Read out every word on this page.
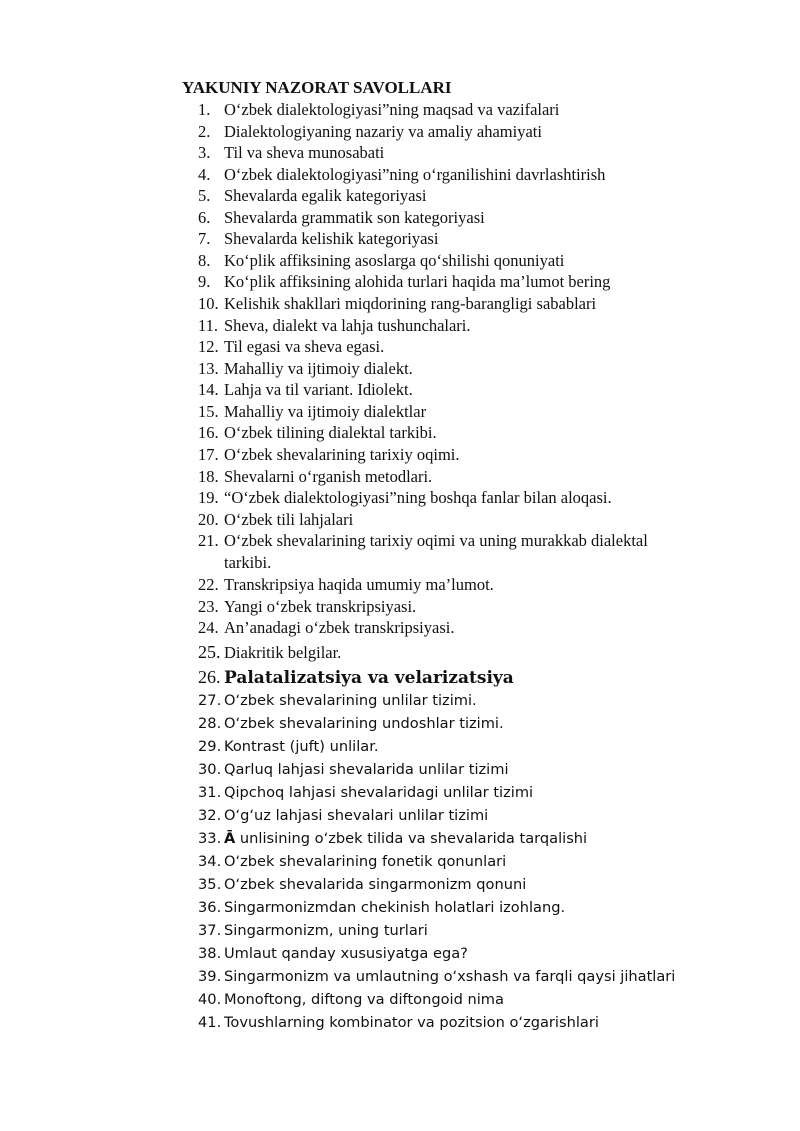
YAKUNIY NAZORAT SAVOLLARI
1. O‘zbek dialektologiyasi”ning maqsad va vazifalari
2. Dialektologiyaning nazariy va amaliy ahamiyati
3. Til va sheva munosabati
4. O‘zbek dialektologiyasi”ning o‘rganilishini davrlashtirish
5. Shevalarda egalik kategoriyasi
6. Shevalarda grammatik son kategoriyasi
7. Shevalarda kelishik kategoriyasi
8. Ko‘plik affiksining asoslarga qo‘shilishi qonuniyati
9. Ko‘plik affiksining alohida turlari haqida ma’lumot bering
10. Kelishik shakllari miqdorining rang-barangligi sabablari
11. Sheva, dialekt va lahja tushunchalari.
12. Til egasi va sheva egasi.
13. Mahalliy va ijtimoiy dialekt.
14. Lahja va til variant. Idiolekt.
15. Mahalliy va ijtimoiy dialektlar
16. O‘zbek tilining dialektal tarkibi.
17. O‘zbek shevalarining tarixiy oqimi.
18. Shevalarni o‘rganish metodlari.
19. “O‘zbek dialektologiyasi”ning boshqa fanlar bilan aloqasi.
20. O‘zbek tili lahjalari
21. O‘zbek shevalarining tarixiy oqimi va uning murakkab dialektal
tarkibi.
22. Transkripsiya haqida umumiy ma’lumot.
23. Yangi o‘zbek transkripsiyasi.
24. An’anadagi o‘zbek transkripsiyasi.
25. Diakritik belgilar.
26. Palatalizatsiya va velarizatsiya
27. O‘zbek shevalarining unlilar tizimi.
28. O‘zbek shevalarining undoshlar tizimi.
29. Kontrast (juft) unlilar.
30. Qarluq lahjasi shevalarida unlilar tizimi
31. Qipchoq lahjasi shevalaridagi unlilar tizimi
32. O‘g‘uz lahjasi shevalari unlilar tizimi
33. Ā unlisining o‘zbek tilida va shevalarida tarqalishi
34. O‘zbek shevalarining fonetik qonunlari
35. O‘zbek shevalarida singarmonizm qonuni
36. Singarmonizmdan chekinish holatlari izohlang.
37. Singarmonizm, uning turlari
38. Umlaut qanday xususiyatga ega?
39. Singarmonizm va umlautning o‘xshash va farqli qaysi jihatlari
40. Monoftong, diftong va diftongoid nima
41. Tovushlarning kombinator va pozitsion o‘zgarishlari
